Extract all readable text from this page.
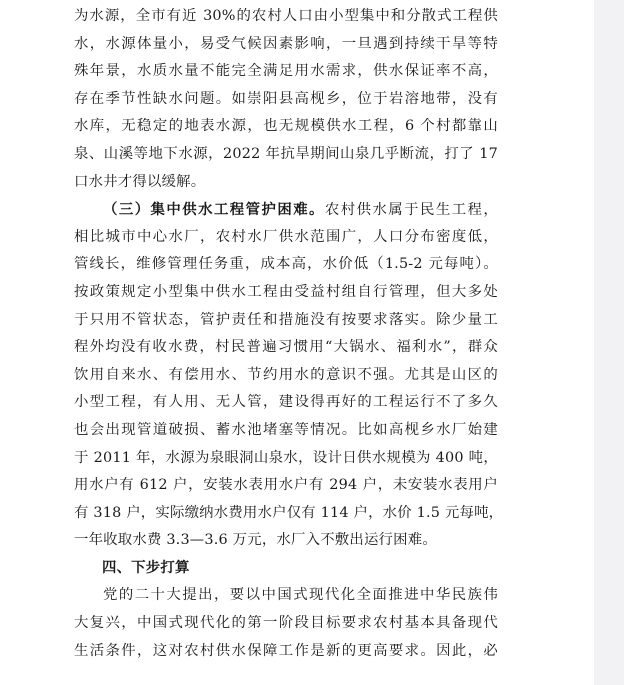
为水源，全市有近 30%的农村人口由小型集中和分散式工程供
水，水源体量小，易受气候因素影响，一旦遇到持续干旱等特
殊年景，水质水量不能完全满足用水需求，供水保证率不高，
存在季节性缺水问题。如崇阳县高枧乡，位于岩溶地带，没有
水库，无稳定的地表水源，也无规模供水工程，6 个村都靠山
泉、山溪等地下水源，2022 年抗旱期间山泉几乎断流，打了 17
口水井才得以缓解。
（三）集中供水工程管护困难。农村供水属于民生工程，
相比城市中心水厂，农村水厂供水范围广，人口分布密度低，
管线长，维修管理任务重，成本高，水价低（1.5-2 元每吨）。
按政策规定小型集中供水工程由受益村组自行管理，但大多处
于只用不管状态，管护责任和措施没有按要求落实。除少量工
程外均没有收水费，村民普遍习惯用“大锅水、福利水”，群众
饮用自来水、有偿用水、节约用水的意识不强。尤其是山区的
小型工程，有人用、无人管，建设得再好的工程运行不了多久
也会出现管道破损、蓄水池堵塞等情况。比如高枧乡水厂始建
于 2011 年，水源为泉眼洞山泉水，设计日供水规模为 400 吨，
用水户有 612 户，安装水表用水户有 294 户，未安装水表用户
有 318 户，实际缴纳水费用水户仅有 114 户，水价 1.5 元每吨，
一年收取水费 3.3—3.6 万元，水厂入不敷出运行困难。
四、下步打算
党的二十大提出，要以中国式现代化全面推进中华民族伟
大复兴，中国式现代化的第一阶段目标要求农村基本具备现代
生活条件，这对农村供水保障工作是新的更高要求。因此，必
